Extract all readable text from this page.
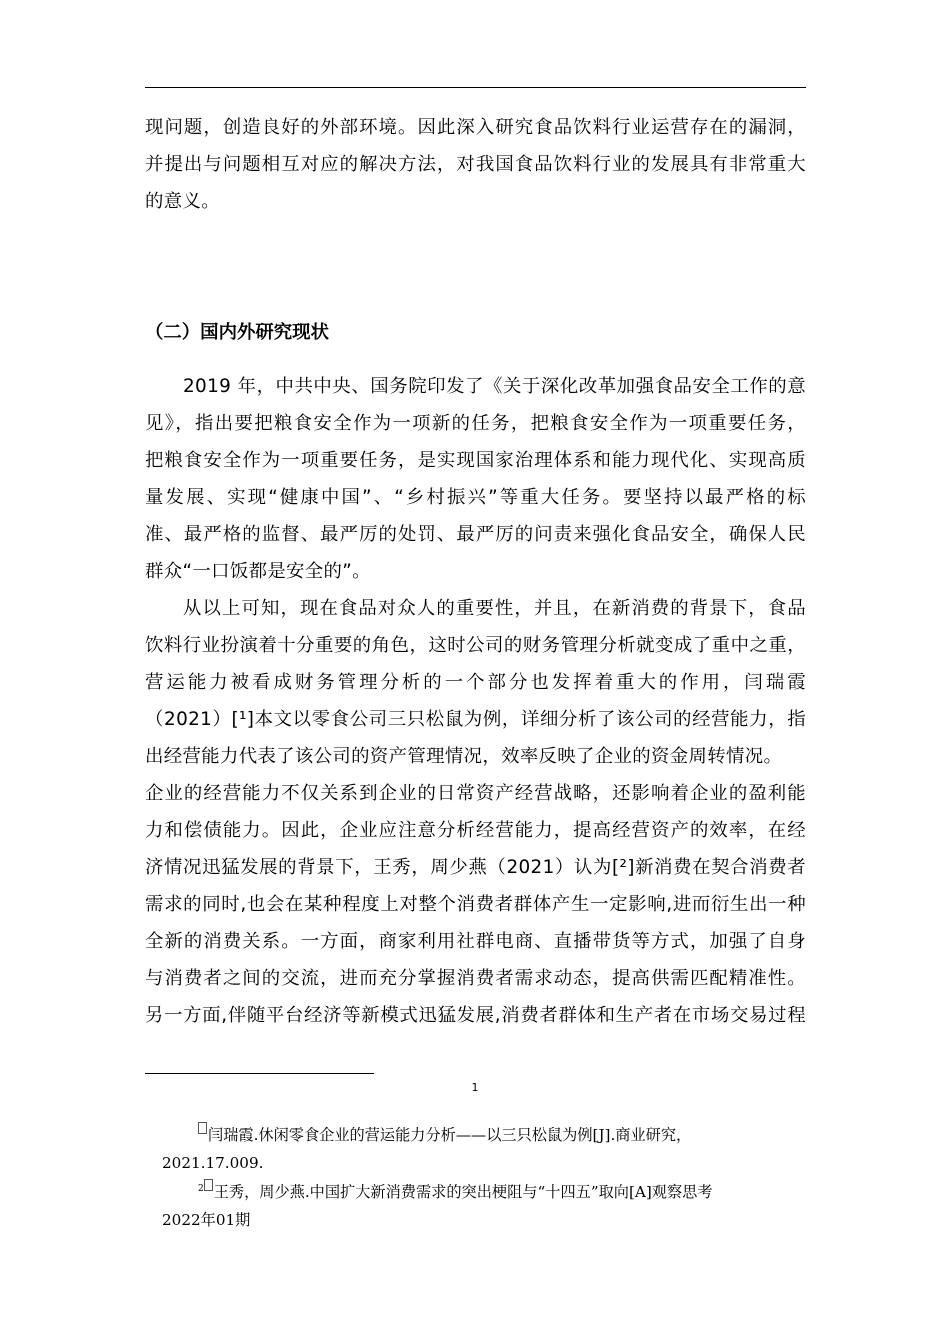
现问题，创造良好的外部环境。因此深入研究食品饮料行业运营存在的漏洞，
并提出与问题相互对应的解决方法，对我国食品饮料行业的发展具有非常重大
的意义。
（二）国内外研究现状
2019 年，中共中央、国务院印发了《关于深化改革加强食品安全工作的意
见》，指出要把粮食安全作为一项新的任务，把粮食安全作为一项重要任务，
把粮食安全作为一项重要任务，是实现国家治理体系和能力现代化、实现高质
量发展、实现“健康中国”、“乡村振兴”等重大任务。要坚持以最严格的标
准、最严格的监督、最严厉的处罚、最严厉的问责来强化食品安全，确保人民
群众“一口饭都是安全的”。
从以上可知，现在食品对众人的重要性，并且，在新消费的背景下，食品
饮料行业扮演着十分重要的角色，这时公司的财务管理分析就变成了重中之重，
营运能力被看成财务管理分析的一个部分也发挥着重大的作用，闫瑞霞
（2021）[¹]本文以零食公司三只松鼠为例，详细分析了该公司的经营能力，指
出经营能力代表了该公司的资产管理情况，效率反映了企业的资金周转情况。
企业的经营能力不仅关系到企业的日常资产经营战略，还影响着企业的盈利能
力和偿债能力。因此，企业应注意分析经营能力，提高经营资产的效率，在经
济情况迅猛发展的背景下，王秀，周少燕（2021）认为[²]新消费在契合消费者
需求的同时,也会在某种程度上对整个消费者群体产生一定影响,进而衍生出一种
全新的消费关系。一方面，商家利用社群电商、直播带货等方式，加强了自身
与消费者之间的交流，进而充分掌握消费者需求动态，提高供需匹配精准性。
另一方面,伴随平台经济等新模式迅猛发展,消费者群体和生产者在市场交易过程
1
闫瑞霞.休闲零食企业的营运能力分析——以三只松鼠为例[J].商业研究，
2021.17.009.
$^2$ 王秀，周少燕.中国扩大新消费需求的突出梗阻与“十四五”取向[A]观察思考
2022年01期
